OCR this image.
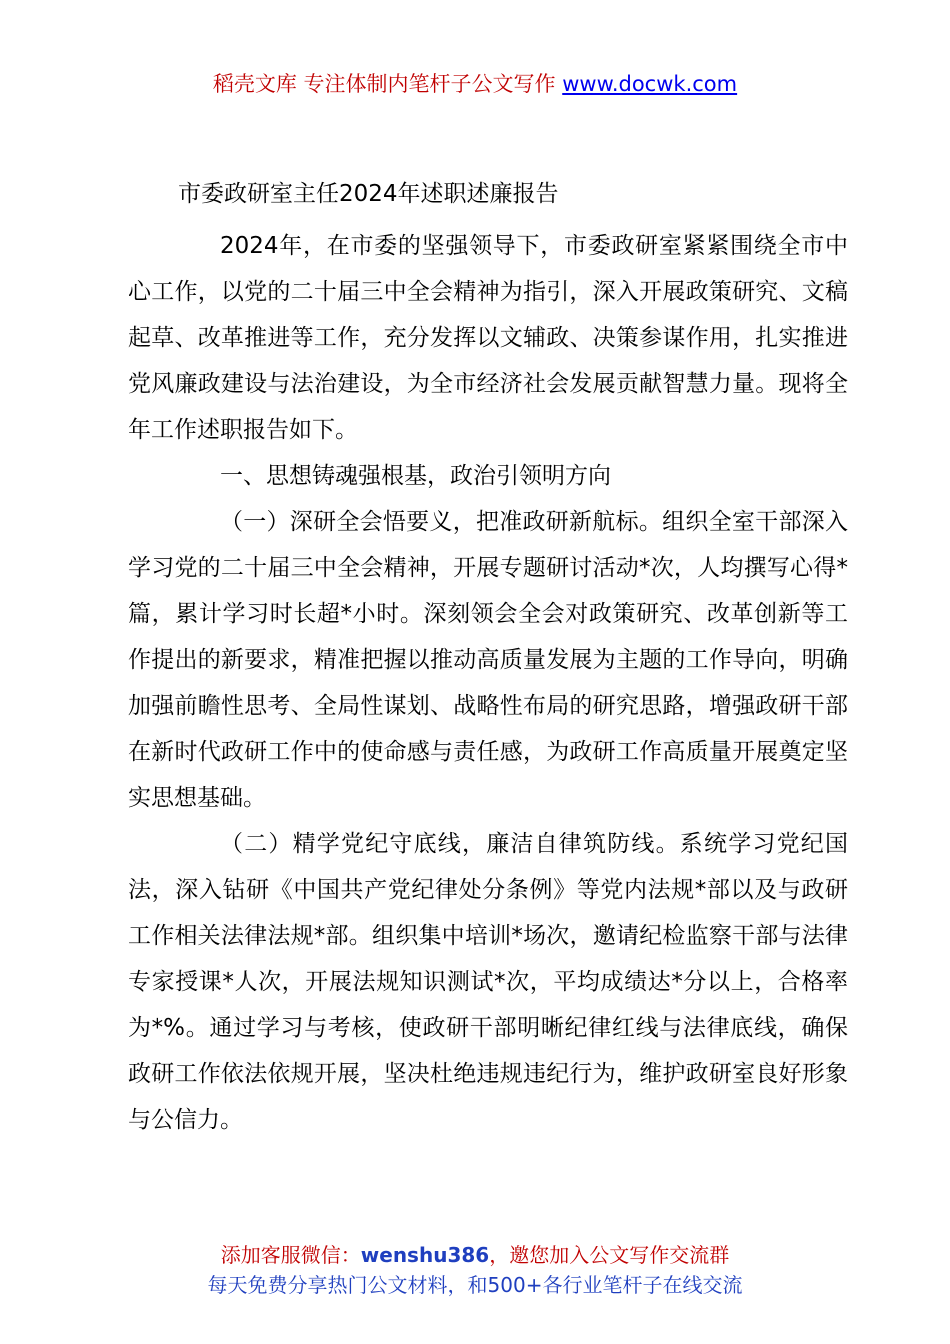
稻壳文库 专注体制内笔杆子公文写作 www.docwk.com
市委政研室主任2024年述职述廉报告

2024年，在市委的坚强领导下，市委政研室紧紧围绕全市中心工作，以党的二十届三中全会精神为指引，深入开展政策研究、文稿起草、改革推进等工作，充分发挥以文辅政、决策参谋作用，扎实推进党风廉政建设与法治建设，为全市经济社会发展贡献智慧力量。现将全年工作述职报告如下。

一、思想铸魂强根基，政治引领明方向

（一）深研全会悟要义，把准政研新航标。组织全室干部深入学习党的二十届三中全会精神，开展专题研讨活动*次，人均撰写心得*篇，累计学习时长超*小时。深刻领会全会对政策研究、改革创新等工作提出的新要求，精准把握以推动高质量发展为主题的工作导向，明确加强前瞻性思考、全局性谋划、战略性布局的研究思路，增强政研干部在新时代政研工作中的使命感与责任感，为政研工作高质量开展奠定坚实思想基础。

（二）精学党纪守底线，廉洁自律筑防线。系统学习党纪国法，深入钻研《中国共产党纪律处分条例》等党内法规*部以及与政研工作相关法律法规*部。组织集中培训*场次，邀请纪检监察干部与法律专家授课*人次，开展法规知识测试*次，平均成绩达*分以上，合格率为*%。通过学习与考核，使政研干部明晰纪律红线与法律底线，确保政研工作依法依规开展，坚决杜绝违规违纪行为，维护政研室良好形象与公信力。

添加客服微信：wenshu386，邀您加入公文写作交流群
每天免费分享热门公文材料，和500+各行业笔杆子在线交流
